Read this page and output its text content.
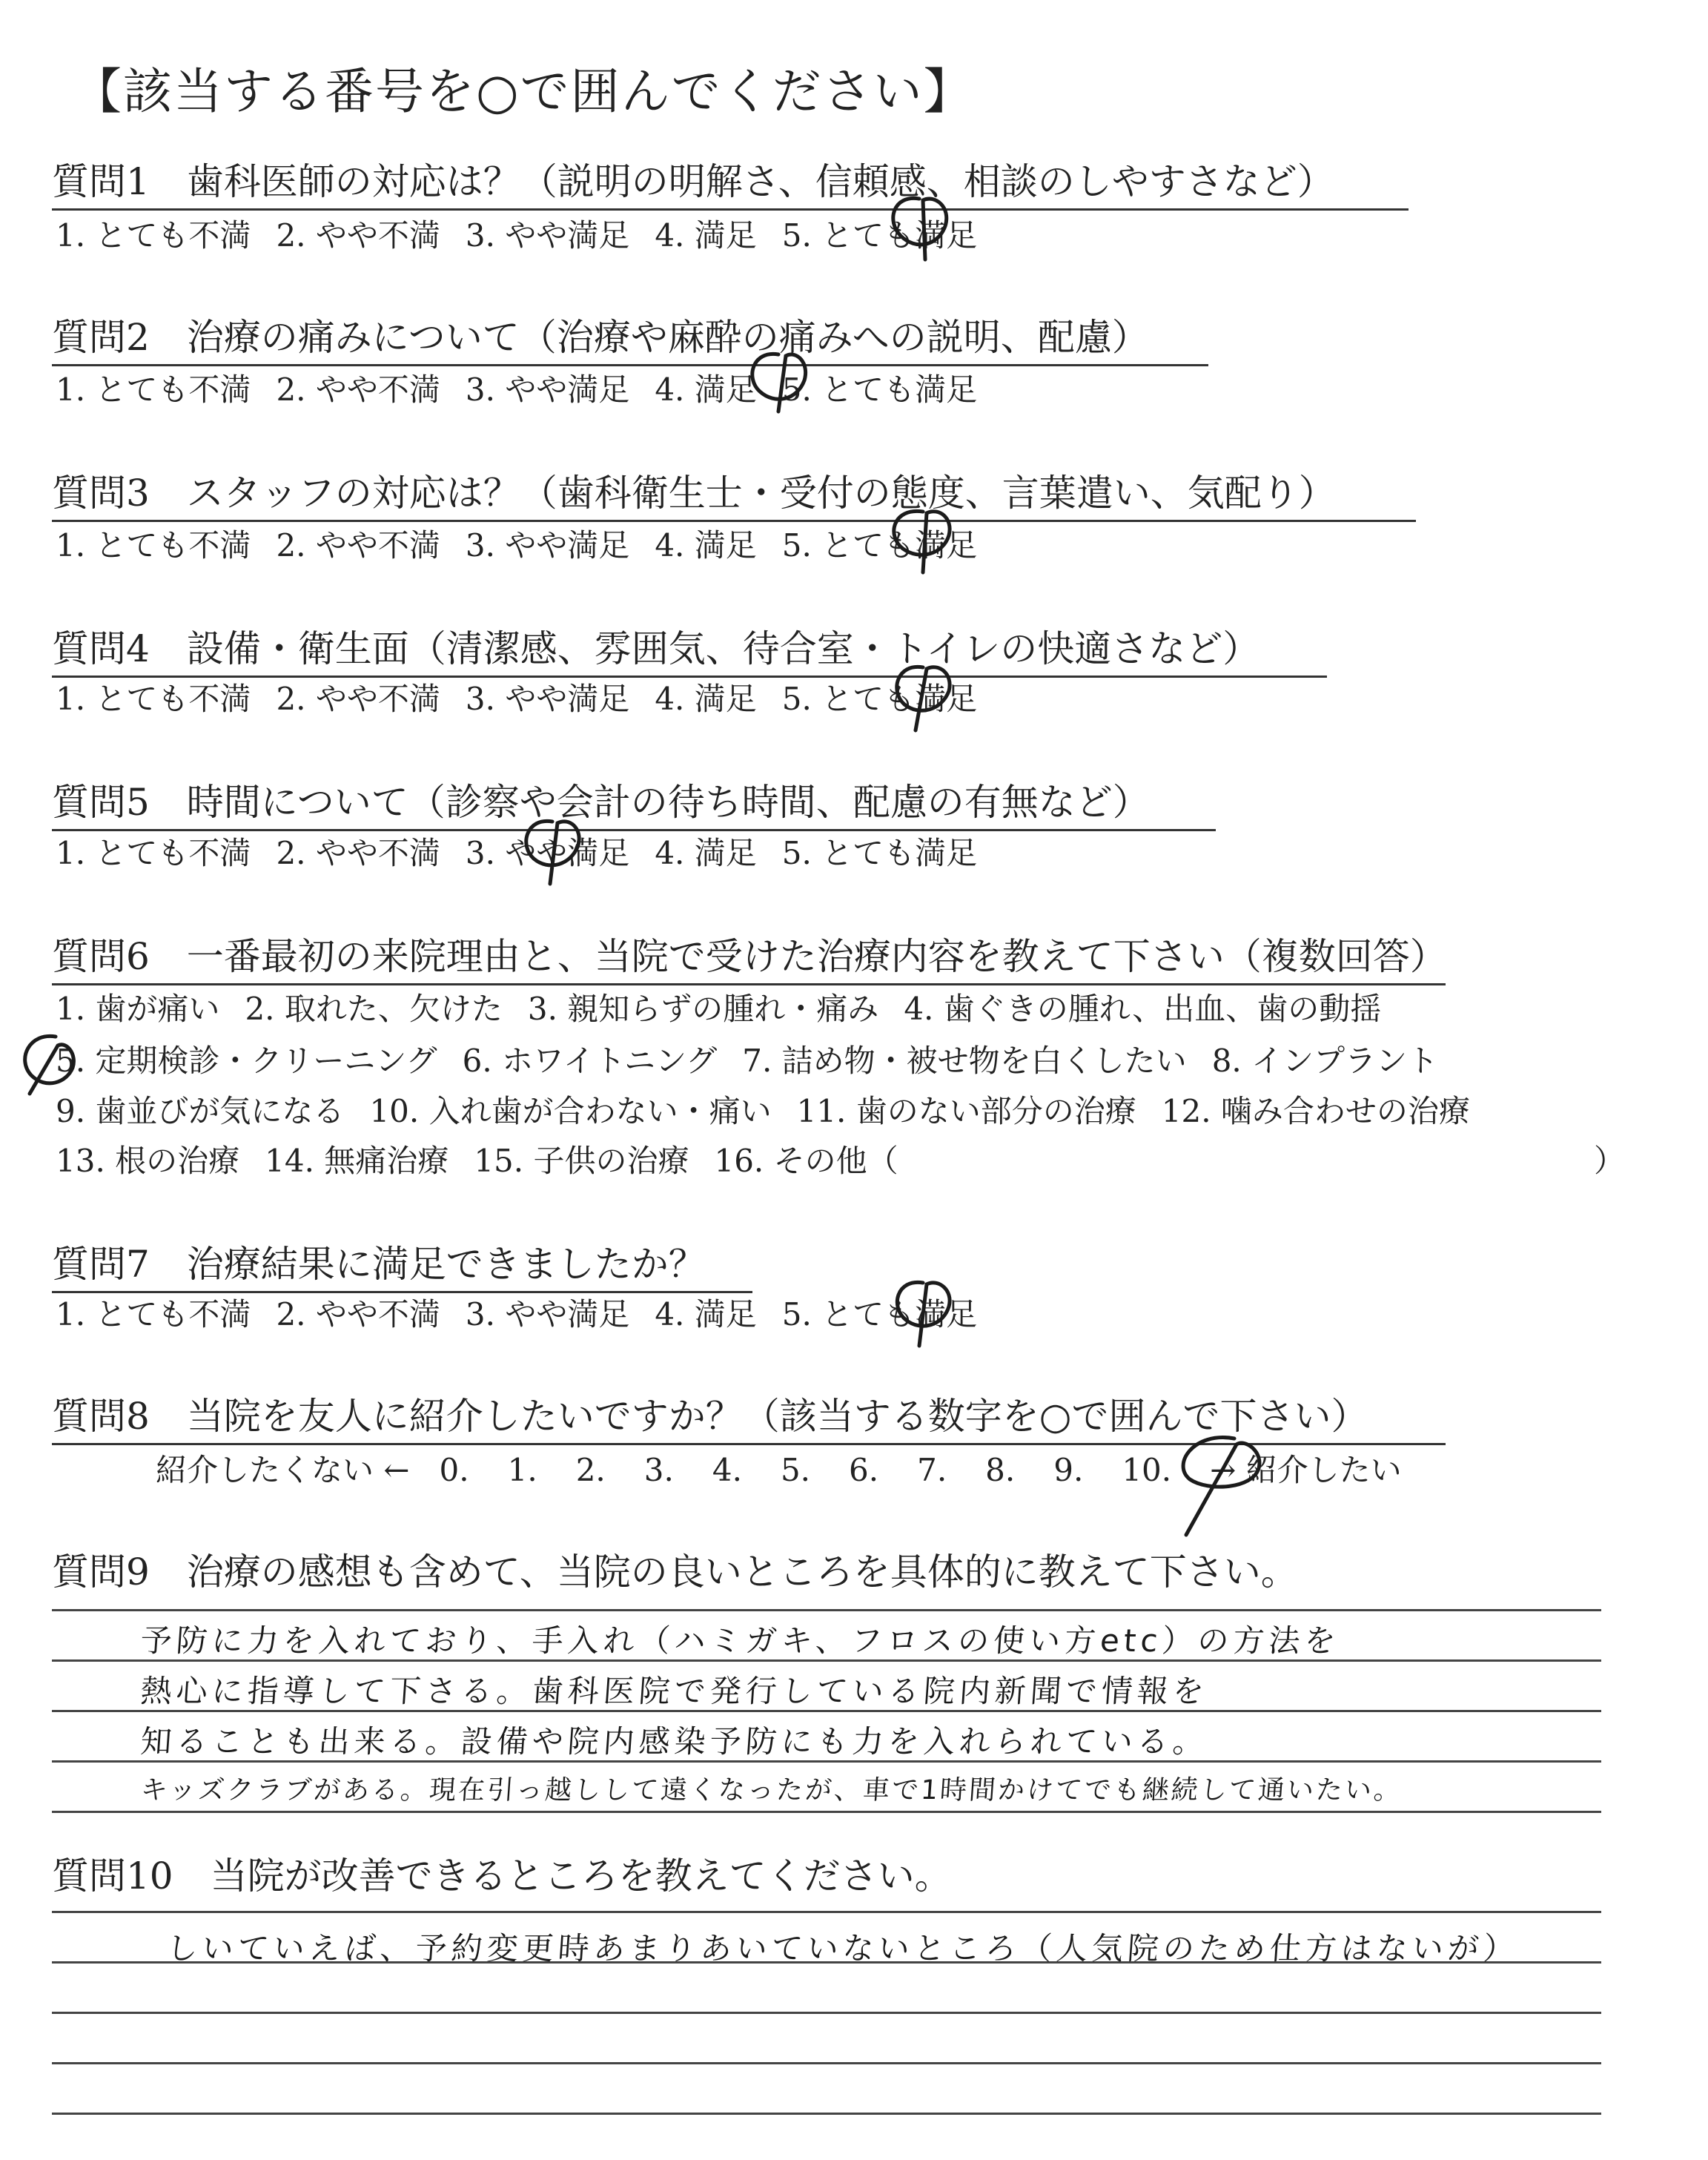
【該当する番号を○で囲んでください】
質問1　歯科医師の対応は？（説明の明解さ、信頼感、相談のしやすさなど）
1. とても不満 2. やや不満 3. やや満足 4. 満足 5. とても満足
質問2　治療の痛みについて（治療や麻酔の痛みへの説明、配慮）
1. とても不満 2. やや不満 3. やや満足 4. 満足 5. とても満足
質問3　スタッフの対応は？（歯科衛生士・受付の態度、言葉遣い、気配り）
1. とても不満 2. やや不満 3. やや満足 4. 満足 5. とても満足
質問4　設備・衛生面（清潔感、雰囲気、待合室・トイレの快適さなど）
1. とても不満 2. やや不満 3. やや満足 4. 満足 5. とても満足
質問5　時間について（診察や会計の待ち時間、配慮の有無など）
1. とても不満 2. やや不満 3. やや満足 4. 満足 5. とても満足
質問6　一番最初の来院理由と、当院で受けた治療内容を教えて下さい（複数回答）
1. 歯が痛い 2. 取れた、欠けた 3. 親知らずの腫れ・痛み 4. 歯ぐきの腫れ、出血、歯の動揺
5. 定期検診・クリーニング 6. ホワイトニング 7. 詰め物・被せ物を白くしたい 8. インプラント
9. 歯並びが気になる 10. 入れ歯が合わない・痛い 11. 歯のない部分の治療 12. 噛み合わせの治療
13. 根の治療 14. 無痛治療 15. 子供の治療 16. その他（	）
質問7　治療結果に満足できましたか？
1. とても不満 2. やや不満 3. やや満足 4. 満足 5. とても満足
質問8　当院を友人に紹介したいですか？（該当する数字を○で囲んで下さい）
紹介したくない ← 0. 1. 2. 3. 4. 5. 6. 7. 8. 9. 10. → 紹介したい
質問9　治療の感想も含めて、当院の良いところを具体的に教えて下さい。
予防に力を入れており、手入れ（ハミガキ、フロスの使い方etc）の方法を
熱心に指導して下さる。歯科医院で発行している院内新聞で情報を
知ることも出来る。設備や院内感染予防にも力を入れられている。
キッズクラブがある。現在引っ越しして遠くなったが、車で1時間かけてでも継続して通いたい。
質問10　当院が改善できるところを教えてください。
しいていえば、予約変更時あまりあいていないところ（人気院のため仕方はないが）
